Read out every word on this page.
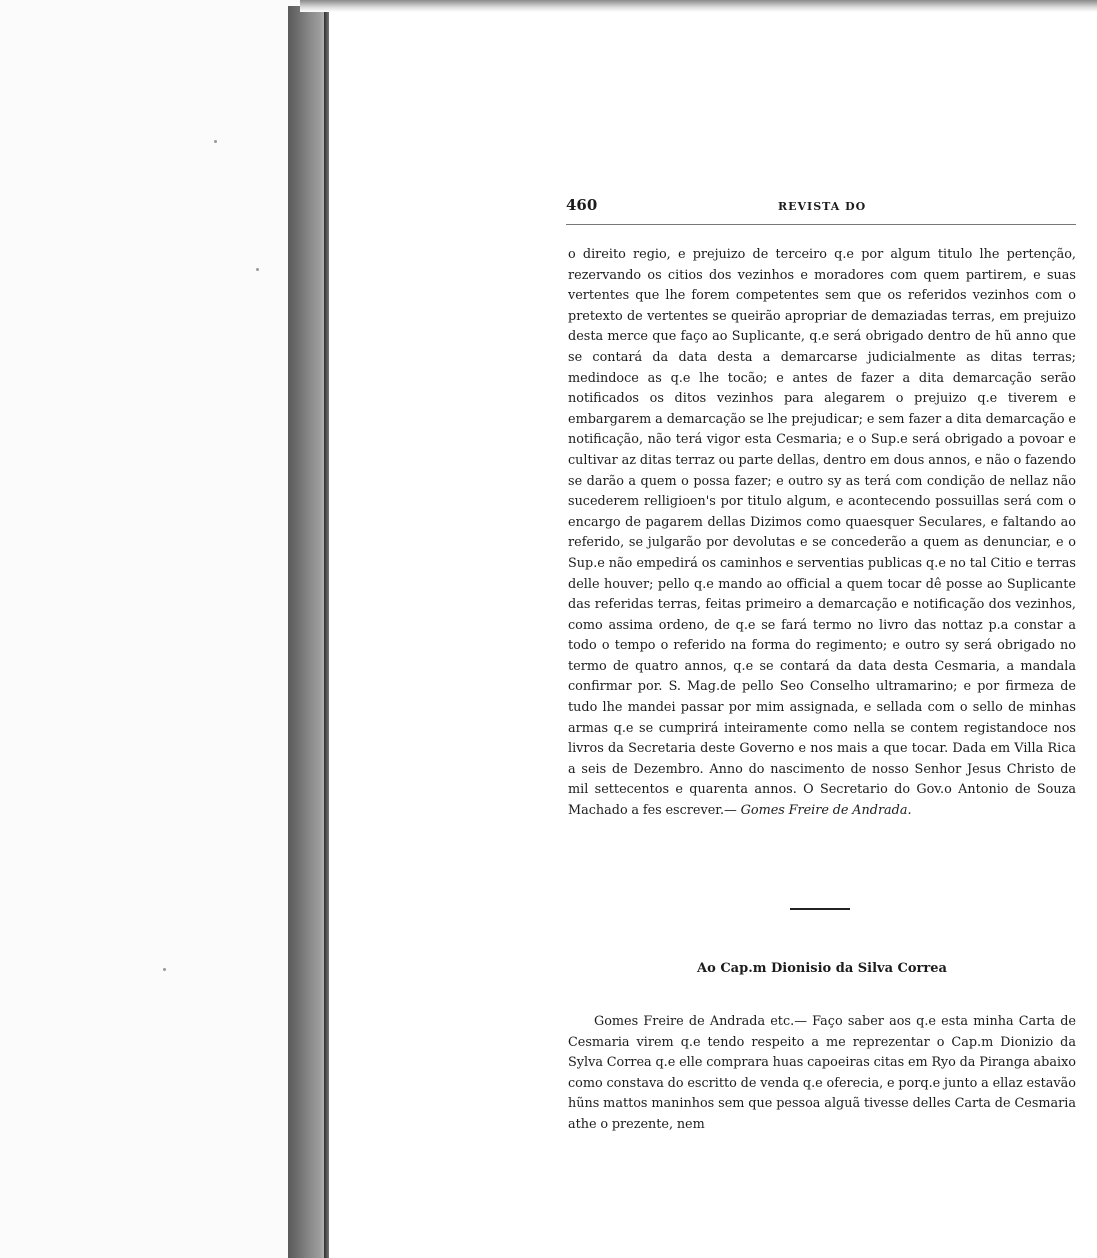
460	REVISTA DO

o direito regio, e prejuizo de terceiro q.e por algum titulo lhe pertenção, rezervando os citios dos vezinhos e moradores com quem partirem, e suas vertentes que lhe forem competentes sem que os referidos vezinhos com o pretexto de vertentes se queirão apropriar de demaziadas terras, em prejuizo desta merce que faço ao Suplicante, q.e será obrigado dentro de hũ anno que se contará da data desta a demarcarse judicialmente as ditas terras; medindoce as q.e lhe tocão; e antes de fazer a dita demarcação serão notificados os ditos vezinhos para alegarem o prejuizo q.e tiverem e embargarem a demarcação se lhe prejudicar; e sem fazer a dita demarcação e notificação, não terá vigor esta Cesmaria; e o Sup.e será obrigado a povoar e cultivar az ditas terraz ou parte dellas, dentro em dous annos, e não o fazendo se darão a quem o possa fazer; e outro sy as terá com condição de nellaz não sucederem relligioen's por titulo algum, e acontecendo possuillas será com o encargo de pagarem dellas Dizimos como quaesquer Seculares, e faltando ao referido, se julgarão por devolutas e se concederão a quem as denunciar, e o Sup.e não empedirá os caminhos e serventias publicas q.e no tal Citio e terras delle houver; pello q.e mando ao official a quem tocar dê posse ao Suplicante das referidas terras, feitas primeiro a demarcação e notificação dos vezinhos, como assima ordeno, de q.e se fará termo no livro das nottaz p.a constar a todo o tempo o referido na forma do regimento; e outro sy será obrigado no termo de quatro annos, q.e se contará da data desta Cesmaria, a mandala confirmar por. S. Mag.de pello Seo Conselho ultramarino; e por firmeza de tudo lhe mandei passar por mim assignada, e sellada com o sello de minhas armas q.e se cumprirá inteiramente como nella se contem registandoce nos livros da Secretaria deste Governo e nos mais a que tocar. Dada em Villa Rica a seis de Dezembro. Anno do nascimento de nosso Senhor Jesus Christo de mil settecentos e quarenta annos. O Secretario do Gov.o Antonio de Souza Machado a fes escrever.— Gomes Freire de Andrada.

Ao Cap.m Dionisio da Silva Correa

Gomes Freire de Andrada etc.— Faço saber aos q.e esta minha Carta de Cesmaria virem q.e tendo respeito a me reprezentar o Cap.m Dionizio da Sylva Correa q.e elle comprara huas capoeiras citas em Ryo da Piranga abaixo como constava do escritto de venda q.e oferecia, e porq.e junto a ellaz estavão hũns mattos maninhos sem que pessoa alguã tivesse delles Carta de Cesmaria athe o prezente, nem
